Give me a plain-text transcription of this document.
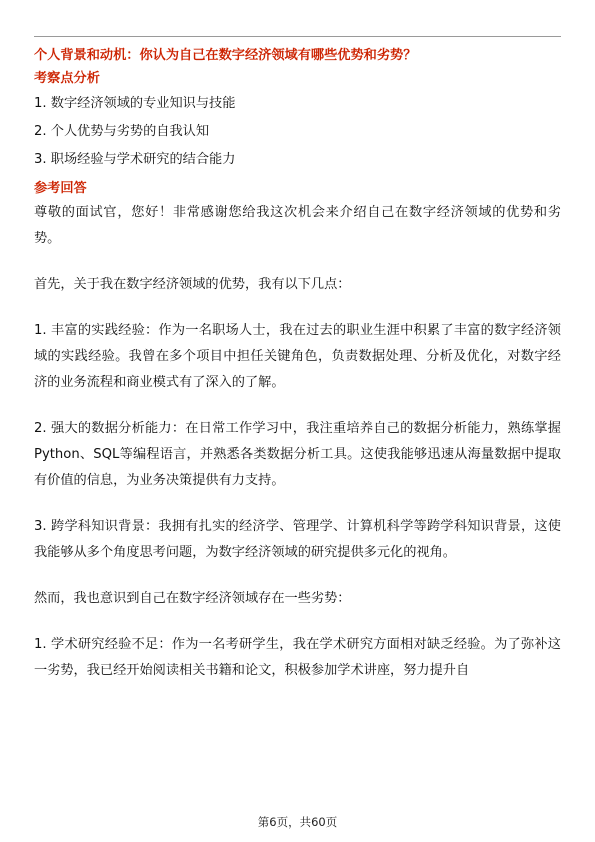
个人背景和动机：你认为自己在数字经济领域有哪些优势和劣势？

考察点分析

1. 数字经济领域的专业知识与技能

2. 个人优势与劣势的自我认知

3. 职场经验与学术研究的结合能力

参考回答

尊敬的面试官，您好！非常感谢您给我这次机会来介绍自己在数字经济领域的优势和劣势。

首先，关于我在数字经济领域的优势，我有以下几点：

1. 丰富的实践经验：作为一名职场人士，我在过去的职业生涯中积累了丰富的数字经济领域的实践经验。我曾在多个项目中担任关键角色，负责数据处理、分析及优化，对数字经济的业务流程和商业模式有了深入的了解。

2. 强大的数据分析能力：在日常工作学习中，我注重培养自己的数据分析能力，熟练掌握Python、SQL等编程语言，并熟悉各类数据分析工具。这使我能够迅速从海量数据中提取有价值的信息，为业务决策提供有力支持。

3. 跨学科知识背景：我拥有扎实的经济学、管理学、计算机科学等跨学科知识背景，这使我能够从多个角度思考问题，为数字经济领域的研究提供多元化的视角。

然而，我也意识到自己在数字经济领域存在一些劣势：

1. 学术研究经验不足：作为一名考研学生，我在学术研究方面相对缺乏经验。为了弥补这一劣势，我已经开始阅读相关书籍和论文，积极参加学术讲座，努力提升自

第6页，共60页
